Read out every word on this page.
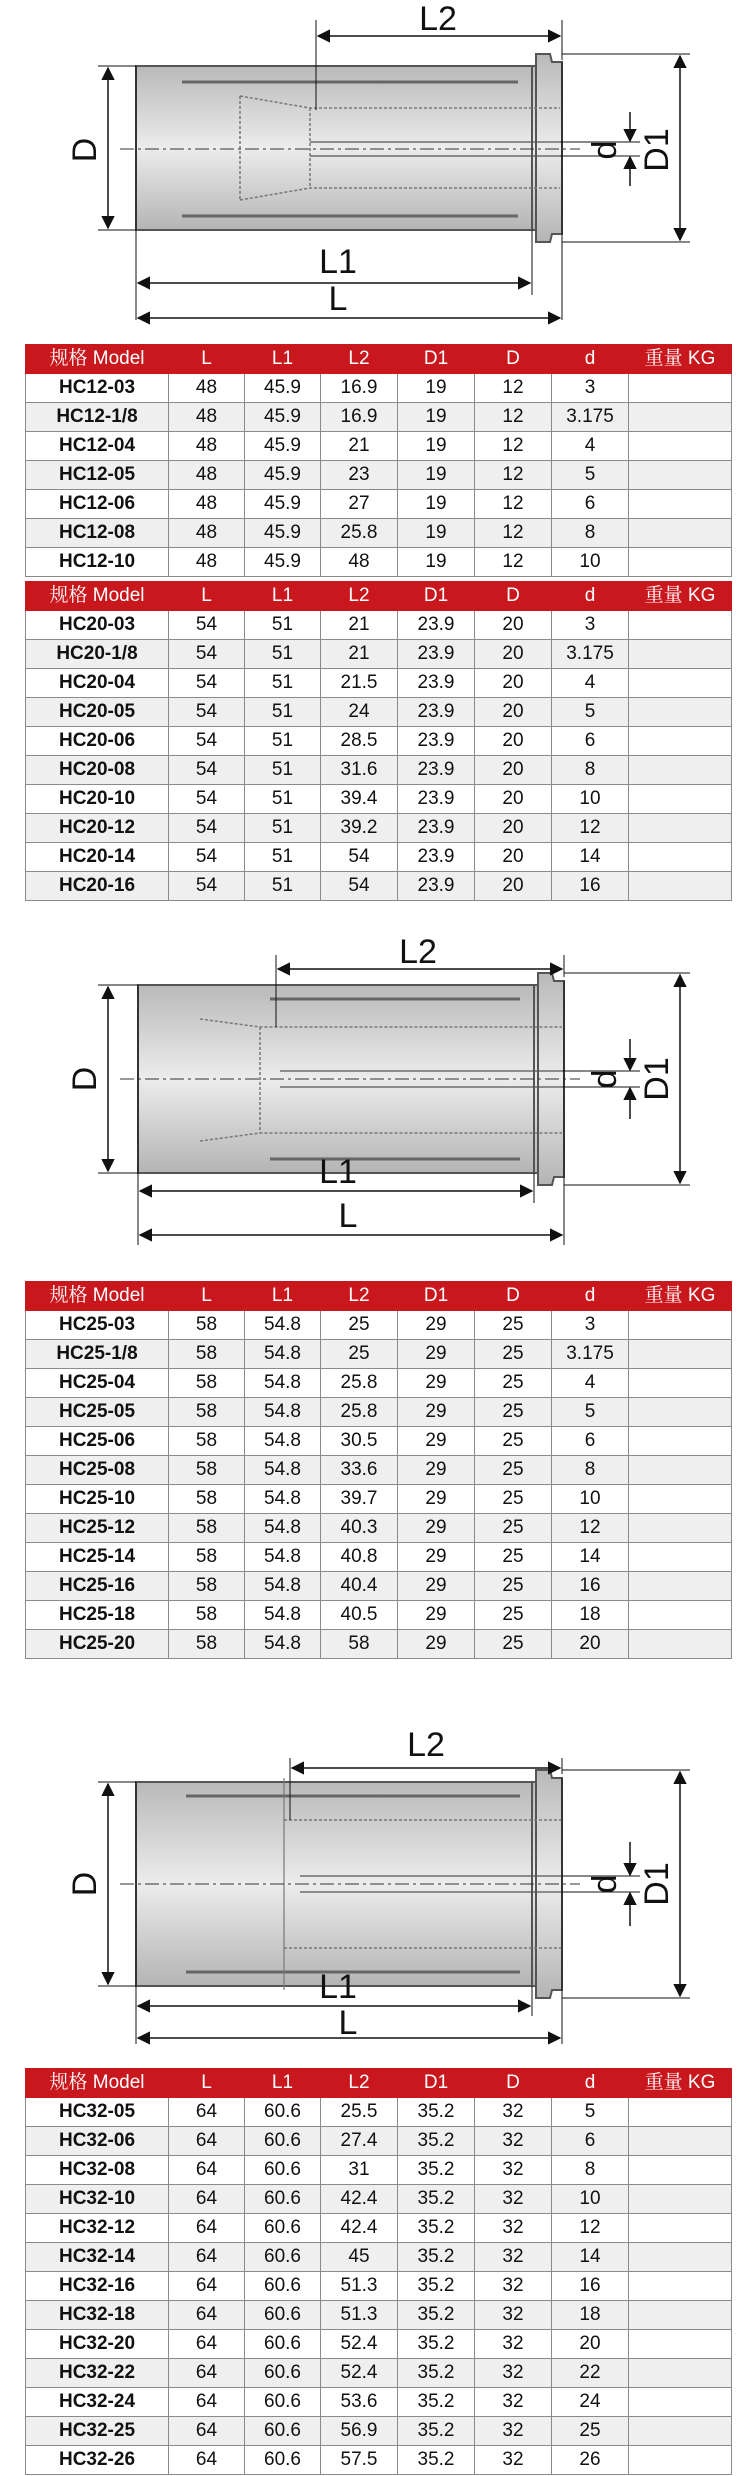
L2
D	D1
d
L1
L
规格 Model	L	L1	L2	D1	D	d	重量 KG
HC12-03	48	45.9	16.9	19	12	3	
HC12-1/8	48	45.9	16.9	19	12	3.175	
HC12-04	48	45.9	21	19	12	4	
HC12-05	48	45.9	23	19	12	5	
HC12-06	48	45.9	27	19	12	6	
HC12-08	48	45.9	25.8	19	12	8	
HC12-10	48	45.9	48	19	12	10	
规格 Model	L	L1	L2	D1	D	d	重量 KG
HC20-03	54	51	21	23.9	20	3	
HC20-1/8	54	51	21	23.9	20	3.175	
HC20-04	54	51	21.5	23.9	20	4	
HC20-05	54	51	24	23.9	20	5	
HC20-06	54	51	28.5	23.9	20	6	
HC20-08	54	51	31.6	23.9	20	8	
HC20-10	54	51	39.4	23.9	20	10	
HC20-12	54	51	39.2	23.9	20	12	
HC20-14	54	51	54	23.9	20	14	
HC20-16	54	51	54	23.9	20	16	
L2
D	D1
d
L1
L
规格 Model	L	L1	L2	D1	D	d	重量 KG
HC25-03	58	54.8	25	29	25	3	
HC25-1/8	58	54.8	25	29	25	3.175	
HC25-04	58	54.8	25.8	29	25	4	
HC25-05	58	54.8	25.8	29	25	5	
HC25-06	58	54.8	30.5	29	25	6	
HC25-08	58	54.8	33.6	29	25	8	
HC25-10	58	54.8	39.7	29	25	10	
HC25-12	58	54.8	40.3	29	25	12	
HC25-14	58	54.8	40.8	29	25	14	
HC25-16	58	54.8	40.4	29	25	16	
HC25-18	58	54.8	40.5	29	25	18	
HC25-20	58	54.8	58	29	25	20	
L2
D	D1
d
L1
L
规格 Model	L	L1	L2	D1	D	d	重量 KG
HC32-05	64	60.6	25.5	35.2	32	5	
HC32-06	64	60.6	27.4	35.2	32	6	
HC32-08	64	60.6	31	35.2	32	8	
HC32-10	64	60.6	42.4	35.2	32	10	
HC32-12	64	60.6	42.4	35.2	32	12	
HC32-14	64	60.6	45	35.2	32	14	
HC32-16	64	60.6	51.3	35.2	32	16	
HC32-18	64	60.6	51.3	35.2	32	18	
HC32-20	64	60.6	52.4	35.2	32	20	
HC32-22	64	60.6	52.4	35.2	32	22	
HC32-24	64	60.6	53.6	35.2	32	24	
HC32-25	64	60.6	56.9	35.2	32	25	
HC32-26	64	60.6	57.5	35.2	32	26	
